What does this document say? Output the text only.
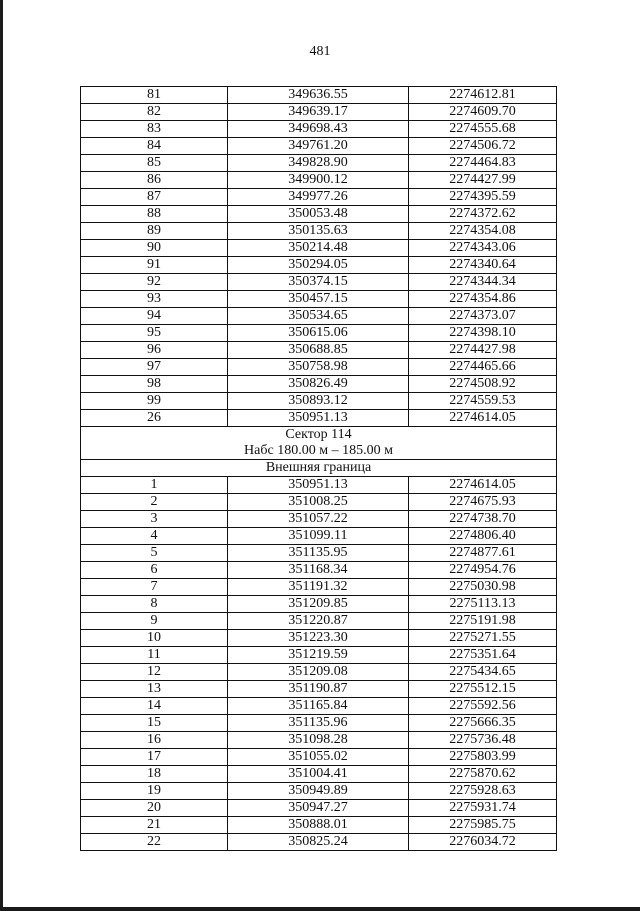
481
81	349636.55	2274612.81
82	349639.17	2274609.70
83	349698.43	2274555.68
84	349761.20	2274506.72
85	349828.90	2274464.83
86	349900.12	2274427.99
87	349977.26	2274395.59
88	350053.48	2274372.62
89	350135.63	2274354.08
90	350214.48	2274343.06
91	350294.05	2274340.64
92	350374.15	2274344.34
93	350457.15	2274354.86
94	350534.65	2274373.07
95	350615.06	2274398.10
96	350688.85	2274427.98
97	350758.98	2274465.66
98	350826.49	2274508.92
99	350893.12	2274559.53
26	350951.13	2274614.05
Сектор 114		
Набс 180.00 м – 185.00 м		
Внешняя граница		
1	350951.13	2274614.05
2	351008.25	2274675.93
3	351057.22	2274738.70
4	351099.11	2274806.40
5	351135.95	2274877.61
6	351168.34	2274954.76
7	351191.32	2275030.98
8	351209.85	2275113.13
9	351220.87	2275191.98
10	351223.30	2275271.55
11	351219.59	2275351.64
12	351209.08	2275434.65
13	351190.87	2275512.15
14	351165.84	2275592.56
15	351135.96	2275666.35
16	351098.28	2275736.48
17	351055.02	2275803.99
18	351004.41	2275870.62
19	350949.89	2275928.63
20	350947.27	2275931.74
21	350888.01	2275985.75
22	350825.24	2276034.72
